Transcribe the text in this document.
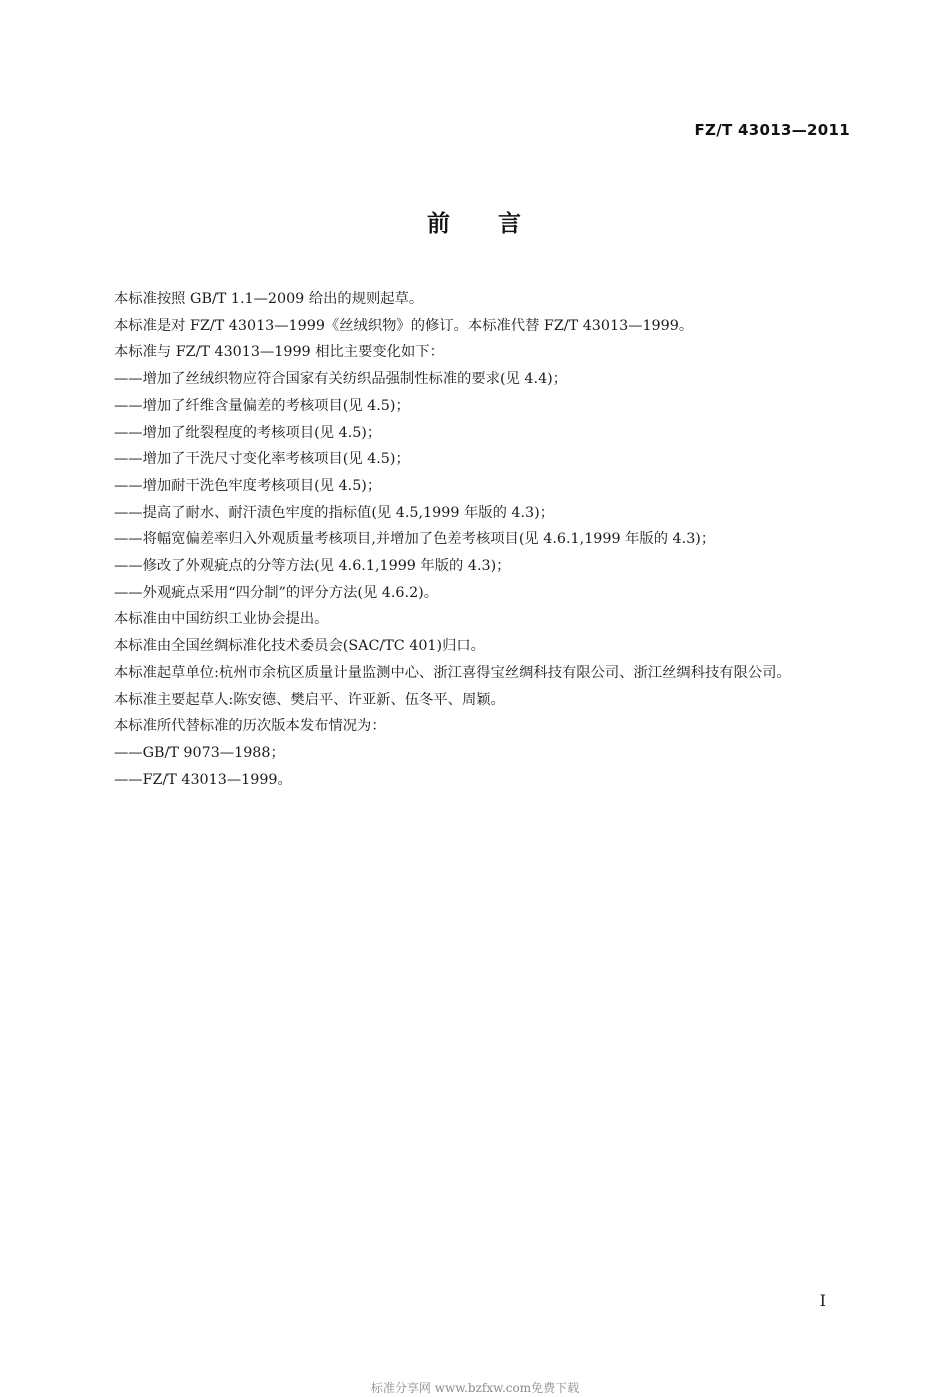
FZ/T 43013—2011
前 言

本标准按照 GB/T 1.1—2009 给出的规则起草。

本标准是对 FZ/T 43013—1999《丝绒织物》的修订。本标准代替 FZ/T 43013—1999。

本标准与 FZ/T 43013—1999 相比主要变化如下：

——增加了丝绒织物应符合国家有关纺织品强制性标准的要求(见 4.4)；

——增加了纤维含量偏差的考核项目(见 4.5)；

——增加了纰裂程度的考核项目(见 4.5)；

——增加了干洗尺寸变化率考核项目(见 4.5)；

——增加耐干洗色牢度考核项目(见 4.5)；

——提高了耐水、耐汗渍色牢度的指标值(见 4.5,1999 年版的 4.3)；

——将幅宽偏差率归入外观质量考核项目,并增加了色差考核项目(见 4.6.1,1999 年版的 4.3)；

——修改了外观疵点的分等方法(见 4.6.1,1999 年版的 4.3)；

——外观疵点采用“四分制”的评分方法(见 4.6.2)。

本标准由中国纺织工业协会提出。

本标准由全国丝绸标准化技术委员会(SAC/TC 401)归口。

本标准起草单位:杭州市余杭区质量计量监测中心、浙江喜得宝丝绸科技有限公司、浙江丝绸科技有限公司。

本标准主要起草人:陈安德、樊启平、许亚新、伍冬平、周颖。

本标准所代替标准的历次版本发布情况为：

——GB/T 9073—1988；

——FZ/T 43013—1999。

I
标准分享网 www.bzfxw.com免费下载
